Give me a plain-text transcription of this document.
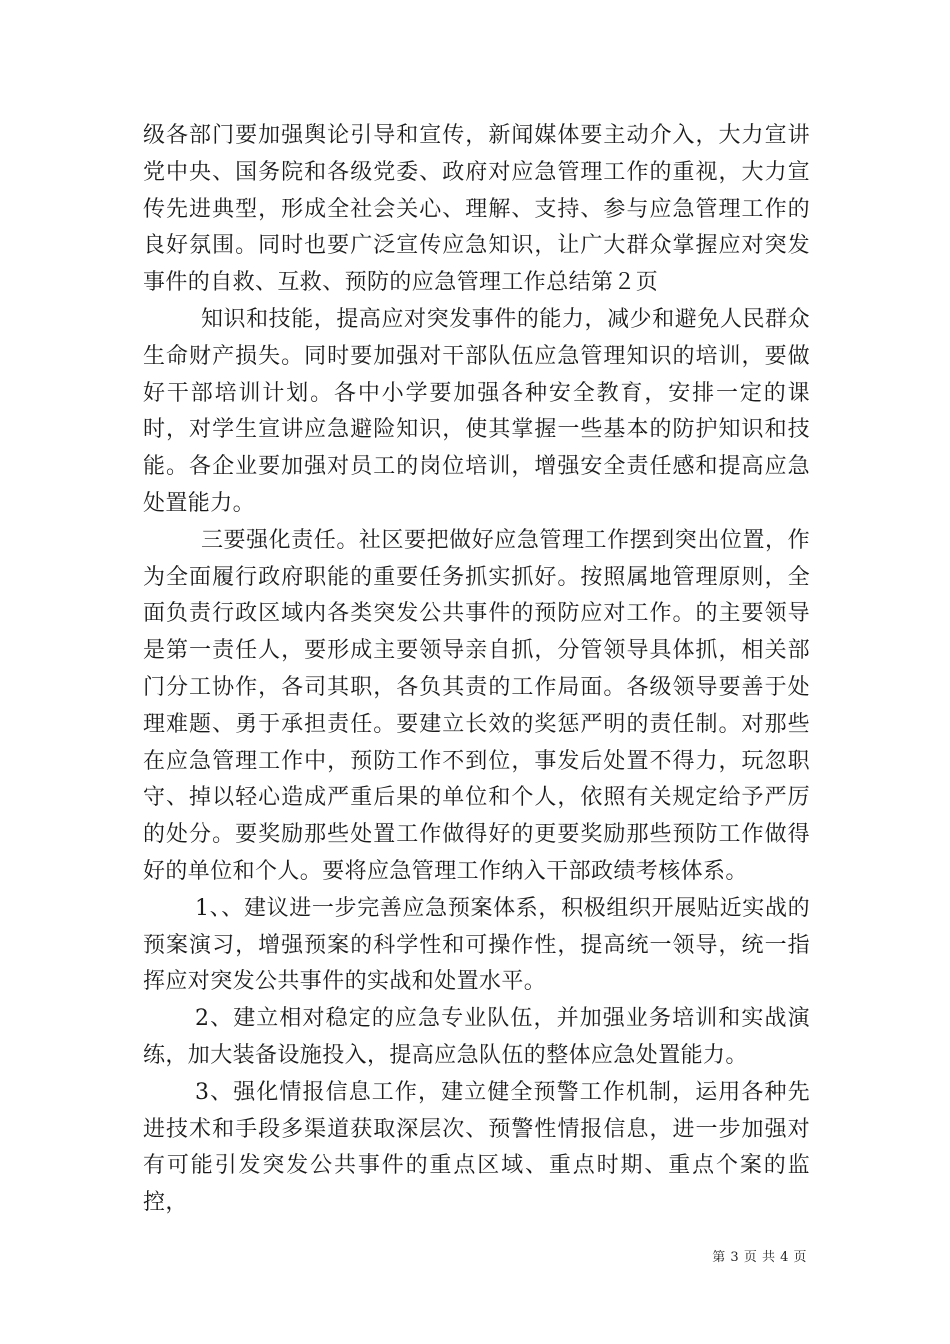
级各部门要加强舆论引导和宣传，新闻媒体要主动介入，大力宣讲党中央、国务院和各级党委、政府对应急管理工作的重视，大力宣传先进典型，形成全社会关心、理解、支持、参与应急管理工作的良好氛围。同时也要广泛宣传应急知识，让广大群众掌握应对突发事件的自救、互救、预防的应急管理工作总结第２页

知识和技能，提高应对突发事件的能力，减少和避免人民群众生命财产损失。同时要加强对干部队伍应急管理知识的培训，要做好干部培训计划。各中小学要加强各种安全教育，安排一定的课时，对学生宣讲应急避险知识，使其掌握一些基本的防护知识和技能。各企业要加强对员工的岗位培训，增强安全责任感和提高应急处置能力。

三要强化责任。社区要把做好应急管理工作摆到突出位置，作为全面履行政府职能的重要任务抓实抓好。按照属地管理原则，全面负责行政区域内各类突发公共事件的预防应对工作。的主要领导是第一责任人，要形成主要领导亲自抓，分管领导具体抓，相关部门分工协作，各司其职，各负其责的工作局面。各级领导要善于处理难题、勇于承担责任。要建立长效的奖惩严明的责任制。对那些在应急管理工作中，预防工作不到位，事发后处置不得力，玩忽职守、掉以轻心造成严重后果的单位和个人，依照有关规定给予严厉的处分。要奖励那些处置工作做得好的更要奖励那些预防工作做得好的单位和个人。要将应急管理工作纳入干部政绩考核体系。

1、、建议进一步完善应急预案体系，积极组织开展贴近实战的预案演习，增强预案的科学性和可操作性，提高统一领导，统一指挥应对突发公共事件的实战和处置水平。

2、建立相对稳定的应急专业队伍，并加强业务培训和实战演练，加大装备设施投入，提高应急队伍的整体应急处置能力。

3、强化情报信息工作，建立健全预警工作机制，运用各种先进技术和手段多渠道获取深层次、预警性情报信息，进一步加强对有可能引发突发公共事件的重点区域、重点时期、重点个案的监控，

第 3 页 共 4 页
